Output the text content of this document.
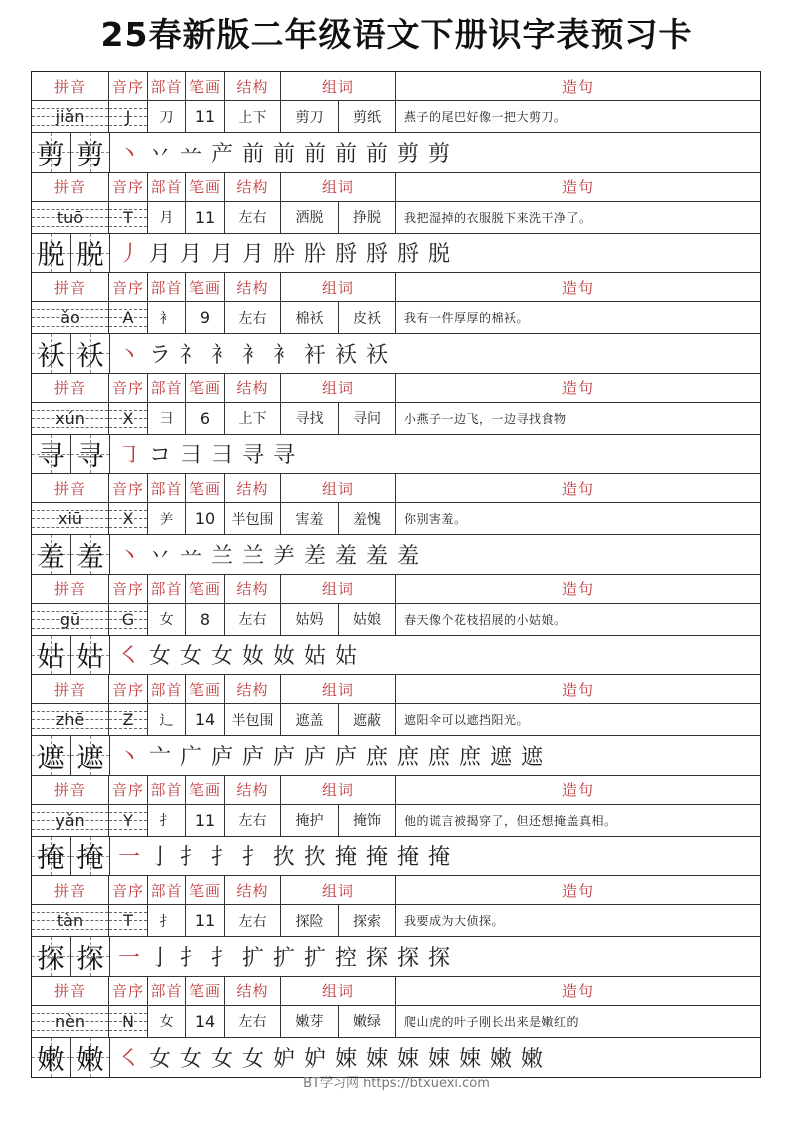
25春新版二年级语文下册识字表预习卡
拼音	音序 部首 笔画	结构	组词	造句
jiǎn	J	刀	11	上下	剪刀	剪纸	燕子的尾巴好像一把大剪刀。
剪 剪 丶 丷 䒑 产 前 前 前 前 前 剪 剪
拼音	音序 部首 笔画	结构	组词	造句
tuō	T	月	11	左右	洒脱	挣脱	我把湿掉的衣服脱下来洗干净了。
脱 脱 丿 月 月 月 月 肸 肸 脟 脟 脟 脱
拼音	音序 部首 笔画	结构	组词	造句
ǎo	A	衤	9	左右	棉袄	皮袄	我有一件厚厚的棉袄。
袄 袄 丶 ラ 礻 衤 衤 衤 衦 袄 袄
拼音	音序 部首 笔画	结构	组词	造句
xún X	彐	6	上下	寻找	寻问	小燕子一边飞，一边寻找食物
寻 寻 ㇆ コ 彐 ⺕ 寻 寻
拼音	音序 部首 笔画	结构	组词	造句
xiū	X	⺶	10	半包围	害羞	羞愧	你别害羞。
羞 羞 丶 丷 䒑 兰 兰 ⺶ 差 羞 羞 羞
拼音	音序 部首 笔画	结构	组词	造句
gū	G	女	8	左右	姑妈	姑娘	春天像个花枝招展的小姑娘。
姑 姑 ㇛ 女 女 女 奻 奻 姑 姑
拼音	音序 部首 笔画	结构	组词	造句
zhē Z	辶	14	半包围	遮盖	遮蔽	遮阳伞可以遮挡阳光。
遮 遮 丶 亠 广 庐 庐 庐 庐 庐 庶 庶 庶 庶 遮 遮
拼音	音序 部首 笔画	结构	组词	造句
yǎn Y	扌	11	左右	掩护	掩饰	他的谎言被揭穿了，但还想掩盖真相。
掩 掩 一 亅 扌 扌 扌 扻 扻 掩 掩 掩 掩
拼音	音序 部首 笔画	结构	组词	造句
tàn	T	扌	11	左右	探险	探索	我要成为大侦探。
探 探 一 亅 扌 扌 扩 扩 扩 控 探 探 探
拼音	音序 部首 笔画	结构	组词	造句
nèn N	女	14	左右	嫩芽	嫩绿	爬山虎的叶子刚长出来是嫩红的
嫩 嫩 ㇛ 女 女 女 女 妒 妒 娕 娕 娕 娕 娕 嫩 嫩
BT学习网 https://btxuexi.com
